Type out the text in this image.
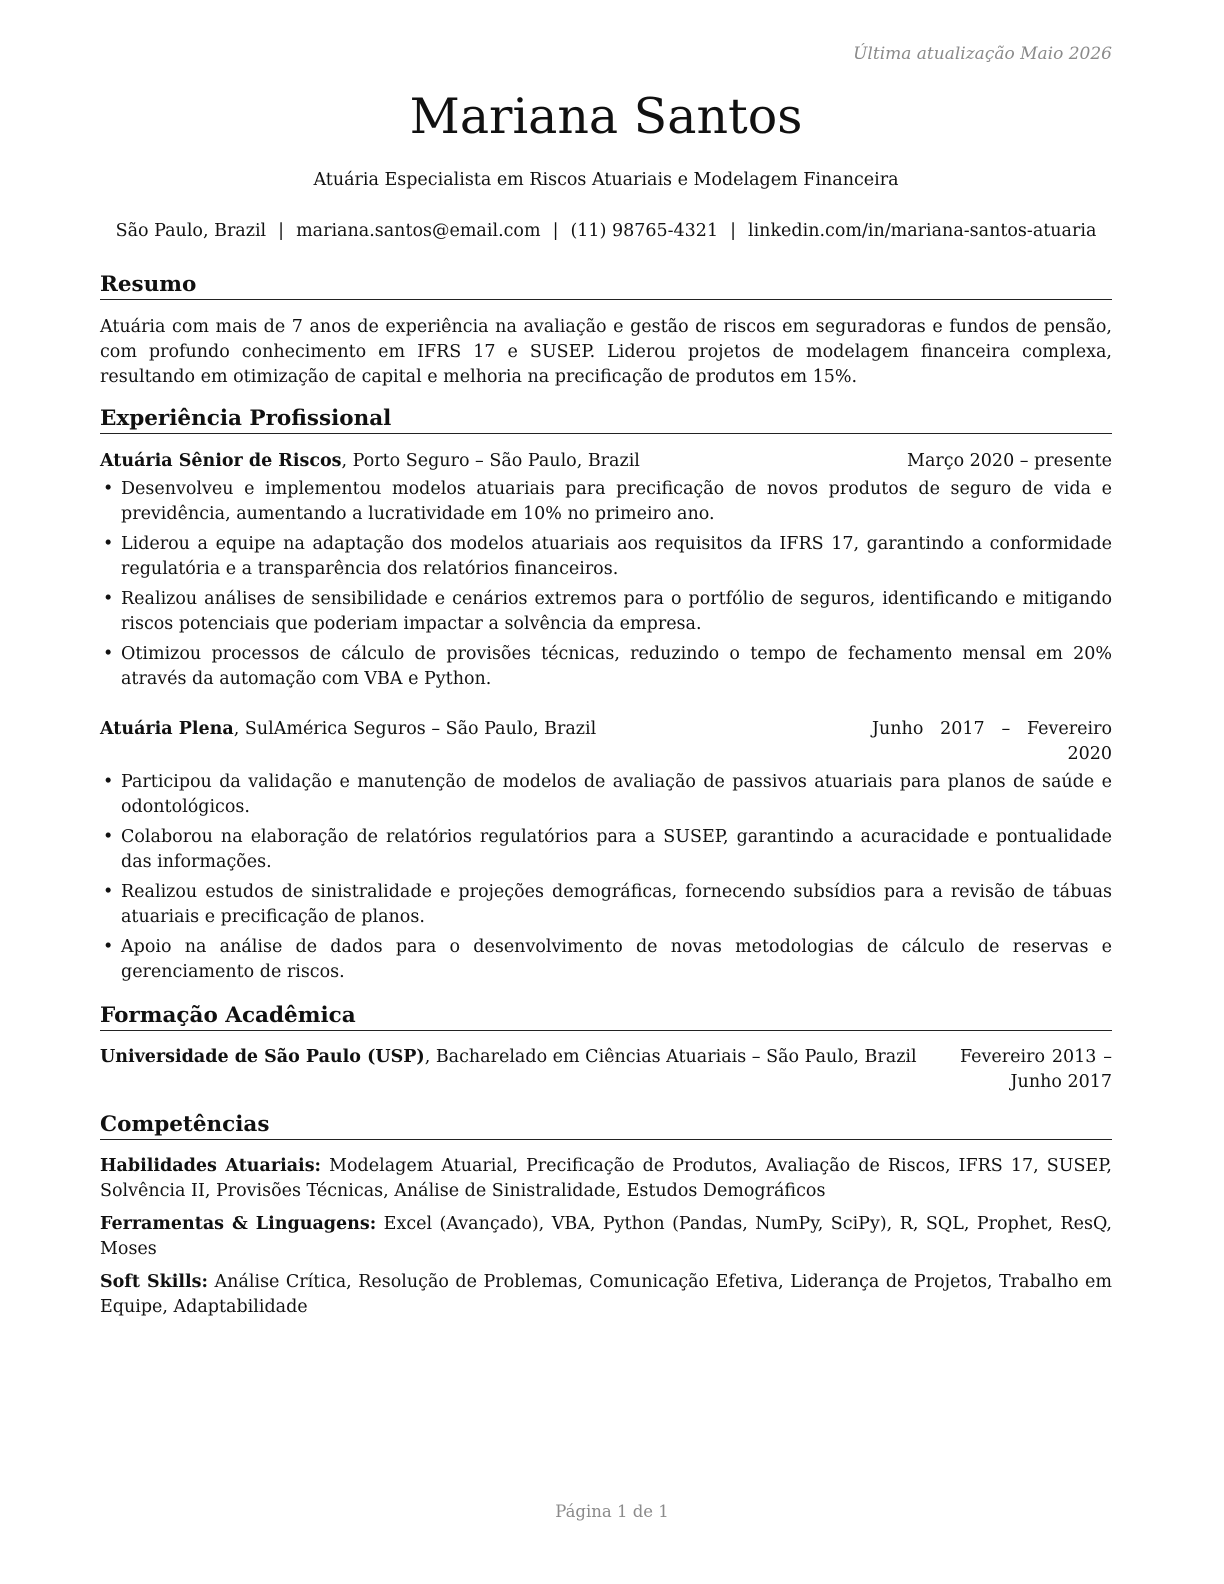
Última atualização Maio 2026
Mariana Santos
Atuária Especialista em Riscos Atuariais e Modelagem Financeira
São Paulo, Brazil | mariana.santos@email.com | (11) 98765-4321 | linkedin.com/in/mariana-santos-atuaria
Resumo
Atuária com mais de 7 anos de experiência na avaliação e gestão de riscos em seguradoras e fundos de pensão, com profundo conhecimento em IFRS 17 e SUSEP. Liderou projetos de modelagem financeira complexa, resultando em otimização de capital e melhoria na precificação de produtos em 15%.
Experiência Profissional
Atuária Sênior de Riscos, Porto Seguro – São Paulo, Brazil	Março 2020 – presente
• Desenvolveu e implementou modelos atuariais para precificação de novos produtos de seguro de vida e previdência, aumentando a lucratividade em 10% no primeiro ano.
• Liderou a equipe na adaptação dos modelos atuariais aos requisitos da IFRS 17, garantindo a conformidade regulatória e a transparência dos relatórios financeiros.
• Realizou análises de sensibilidade e cenários extremos para o portfólio de seguros, identificando e mitigando riscos potenciais que poderiam impactar a solvência da empresa.
• Otimizou processos de cálculo de provisões técnicas, reduzindo o tempo de fechamento mensal em 20% através da automação com VBA e Python.
Atuária Plena, SulAmérica Seguros – São Paulo, Brazil	Junho 2017 – Fevereiro 2020
• Participou da validação e manutenção de modelos de avaliação de passivos atuariais para planos de saúde e odontológicos.
• Colaborou na elaboração de relatórios regulatórios para a SUSEP, garantindo a acuracidade e pontualidade das informações.
• Realizou estudos de sinistralidade e projeções demográficas, fornecendo subsídios para a revisão de tábuas atuariais e precificação de planos.
• Apoio na análise de dados para o desenvolvimento de novas metodologias de cálculo de reservas e gerenciamento de riscos.
Formação Acadêmica
Universidade de São Paulo (USP), Bacharelado em Ciências Atuariais – São Paulo, Brazil	Fevereiro 2013 – Junho 2017
Competências
Habilidades Atuariais: Modelagem Atuarial, Precificação de Produtos, Avaliação de Riscos, IFRS 17, SUSEP, Solvência II, Provisões Técnicas, Análise de Sinistralidade, Estudos Demográficos
Ferramentas & Linguagens: Excel (Avançado), VBA, Python (Pandas, NumPy, SciPy), R, SQL, Prophet, ResQ, Moses
Soft Skills: Análise Crítica, Resolução de Problemas, Comunicação Efetiva, Liderança de Projetos, Trabalho em Equipe, Adaptabilidade
Página 1 de 1
